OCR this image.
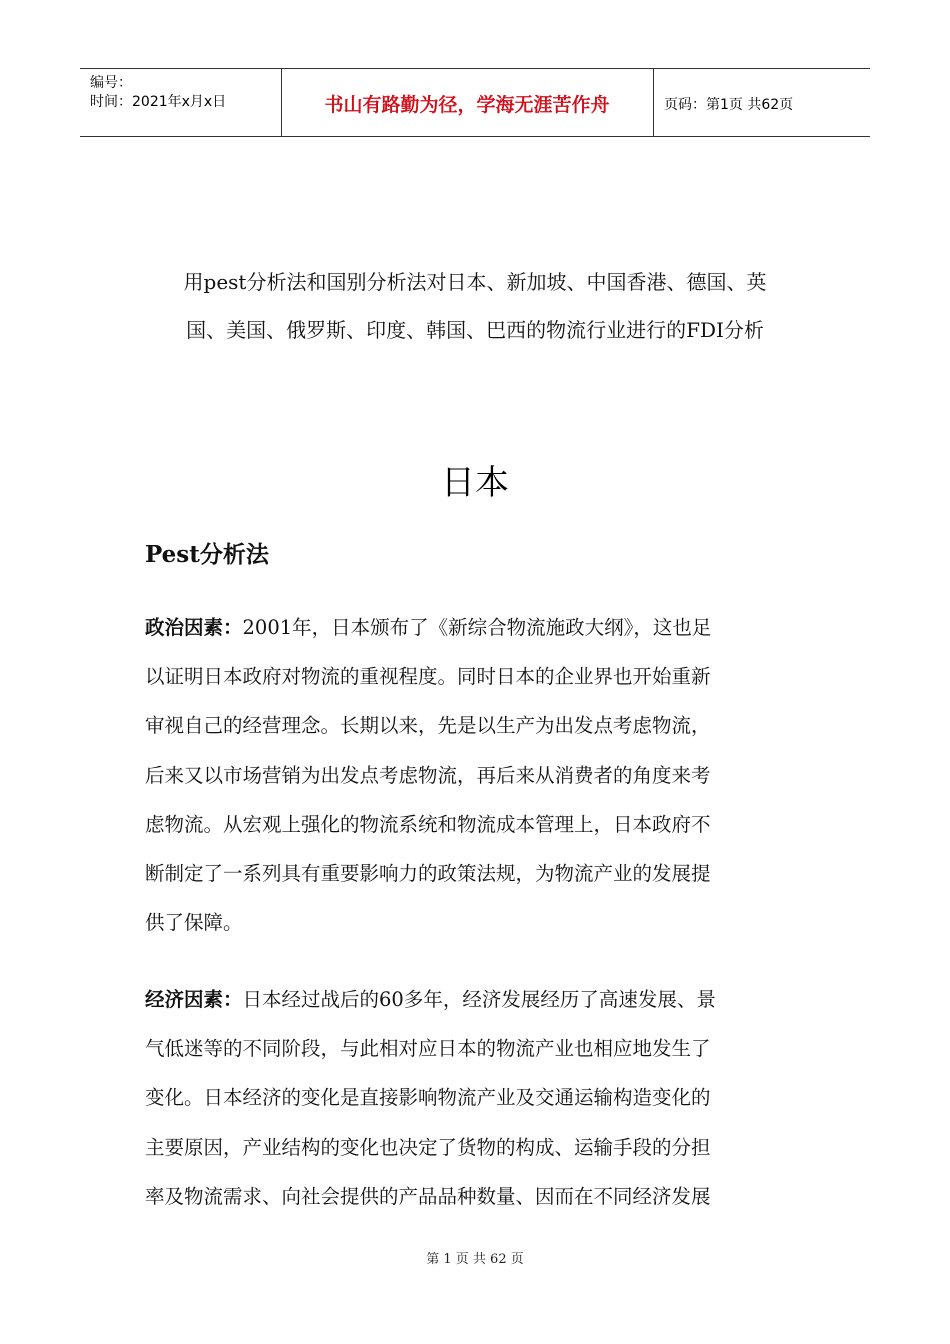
编号：
时间：2021年x月x日	书山有路勤为径，学海无涯苦作舟	页码：第1页 共62页
用pest分析法和国别分析法对日本、新加坡、中国香港、德国、英
国、美国、俄罗斯、印度、韩国、巴西的物流行业进行的FDI分析
日本
Pest分析法
政治因素：2001年，日本颁布了《新综合物流施政大纲》，这也足
以证明日本政府对物流的重视程度。同时日本的企业界也开始重新
审视自己的经营理念。长期以来，先是以生产为出发点考虑物流，
后来又以市场营销为出发点考虑物流，再后来从消费者的角度来考
虑物流。从宏观上强化的物流系统和物流成本管理上，日本政府不
断制定了一系列具有重要影响力的政策法规，为物流产业的发展提
供了保障。
经济因素：日本经过战后的60多年，经济发展经历了高速发展、景
气低迷等的不同阶段，与此相对应日本的物流产业也相应地发生了
变化。日本经济的变化是直接影响物流产业及交通运输构造变化的
主要原因，产业结构的变化也决定了货物的构成、运输手段的分担
率及物流需求、向社会提供的产品品种数量、因而在不同经济发展
第 1 页 共 62 页
